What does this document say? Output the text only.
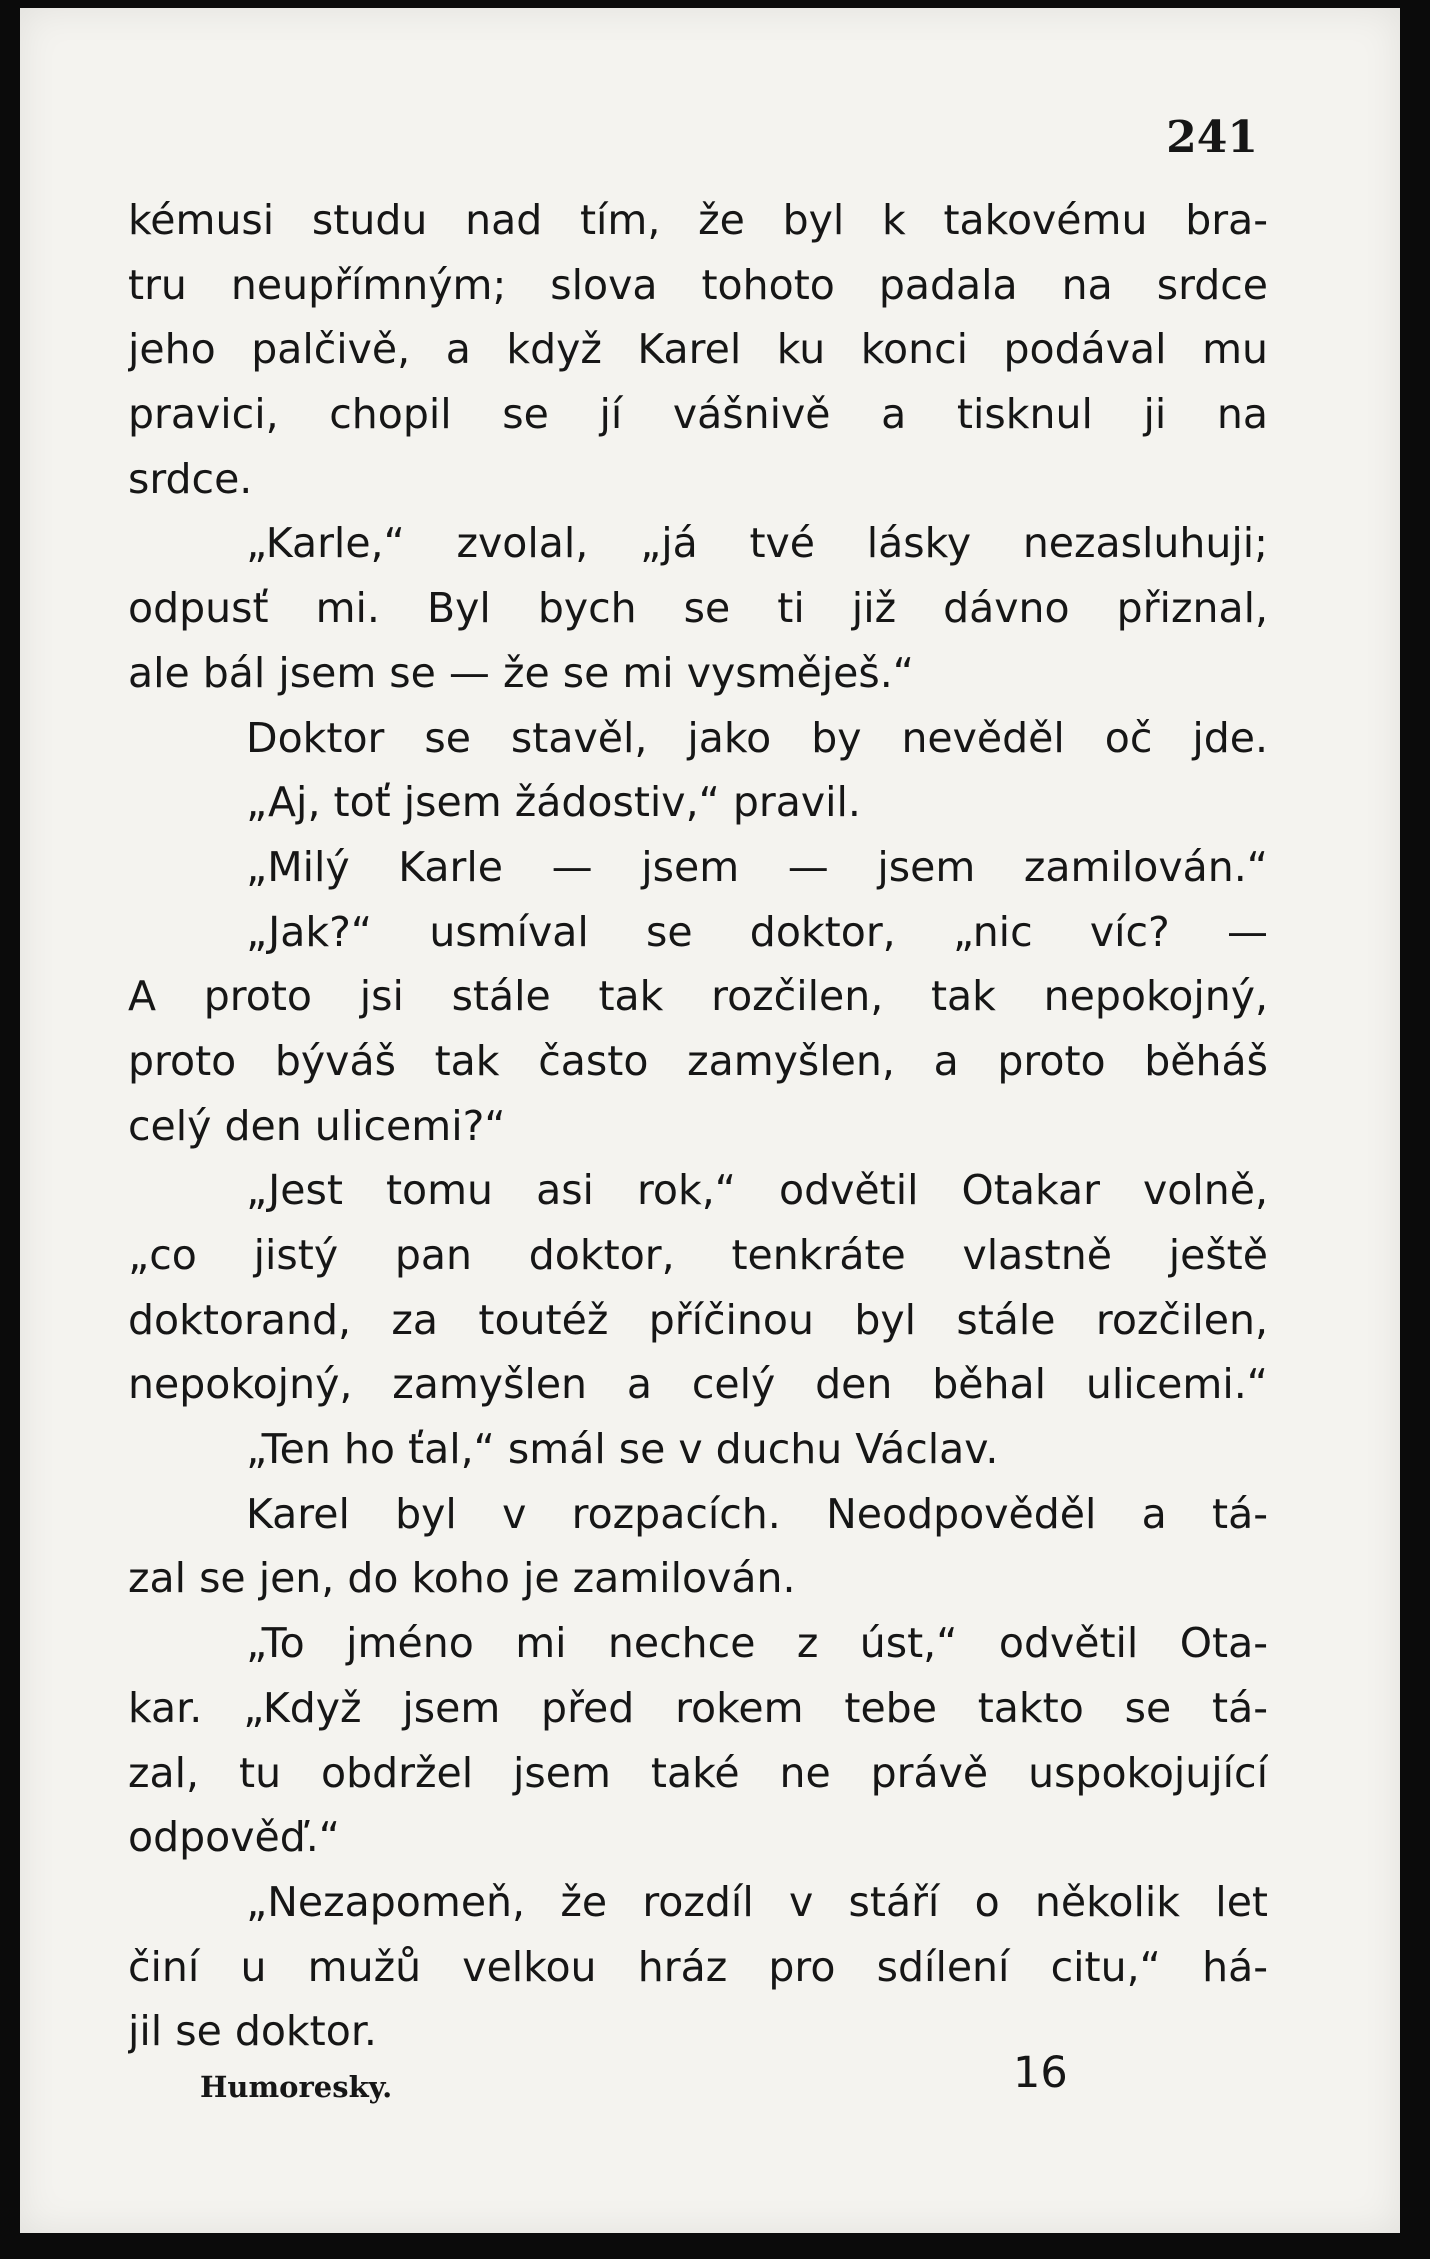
241
kémusi studu nad tím, že byl k takovému bra-
tru neupřímným; slova tohoto padala na srdce
jeho palčivě, a když Karel ku konci podával mu
pravici, chopil se jí vášnivě a tisknul ji na
srdce.
„Karle,“ zvolal, „já tvé lásky nezasluhuji;
odpusť mi. Byl bych se ti již dávno přiznal,
ale bál jsem se — že se mi vysměješ.“
Doktor se stavěl, jako by nevěděl oč jde.
„Aj, toť jsem žádostiv,“ pravil.
„Milý Karle — jsem — jsem zamilován.“
„Jak?“ usmíval se doktor, „nic víc? —
A proto jsi stále tak rozčilen, tak nepokojný,
proto býváš tak často zamyšlen, a proto běháš
celý den ulicemi?“
„Jest tomu asi rok,“ odvětil Otakar volně,
„co jistý pan doktor, tenkráte vlastně ještě
doktorand, za toutéž příčinou byl stále rozčilen,
nepokojný, zamyšlen a celý den běhal ulicemi.“
„Ten ho ťal,“ smál se v duchu Václav.
Karel byl v rozpacích. Neodpověděl a tá-
zal se jen, do koho je zamilován.
„To jméno mi nechce z úst,“ odvětil Ota-
kar. „Když jsem před rokem tebe takto se tá-
zal, tu obdržel jsem také ne právě uspokojující
odpověď.“
„Nezapomeň, že rozdíl v stáří o několik let
činí u mužů velkou hráz pro sdílení citu,“ há-
jil se doktor.
Humoresky.	16
